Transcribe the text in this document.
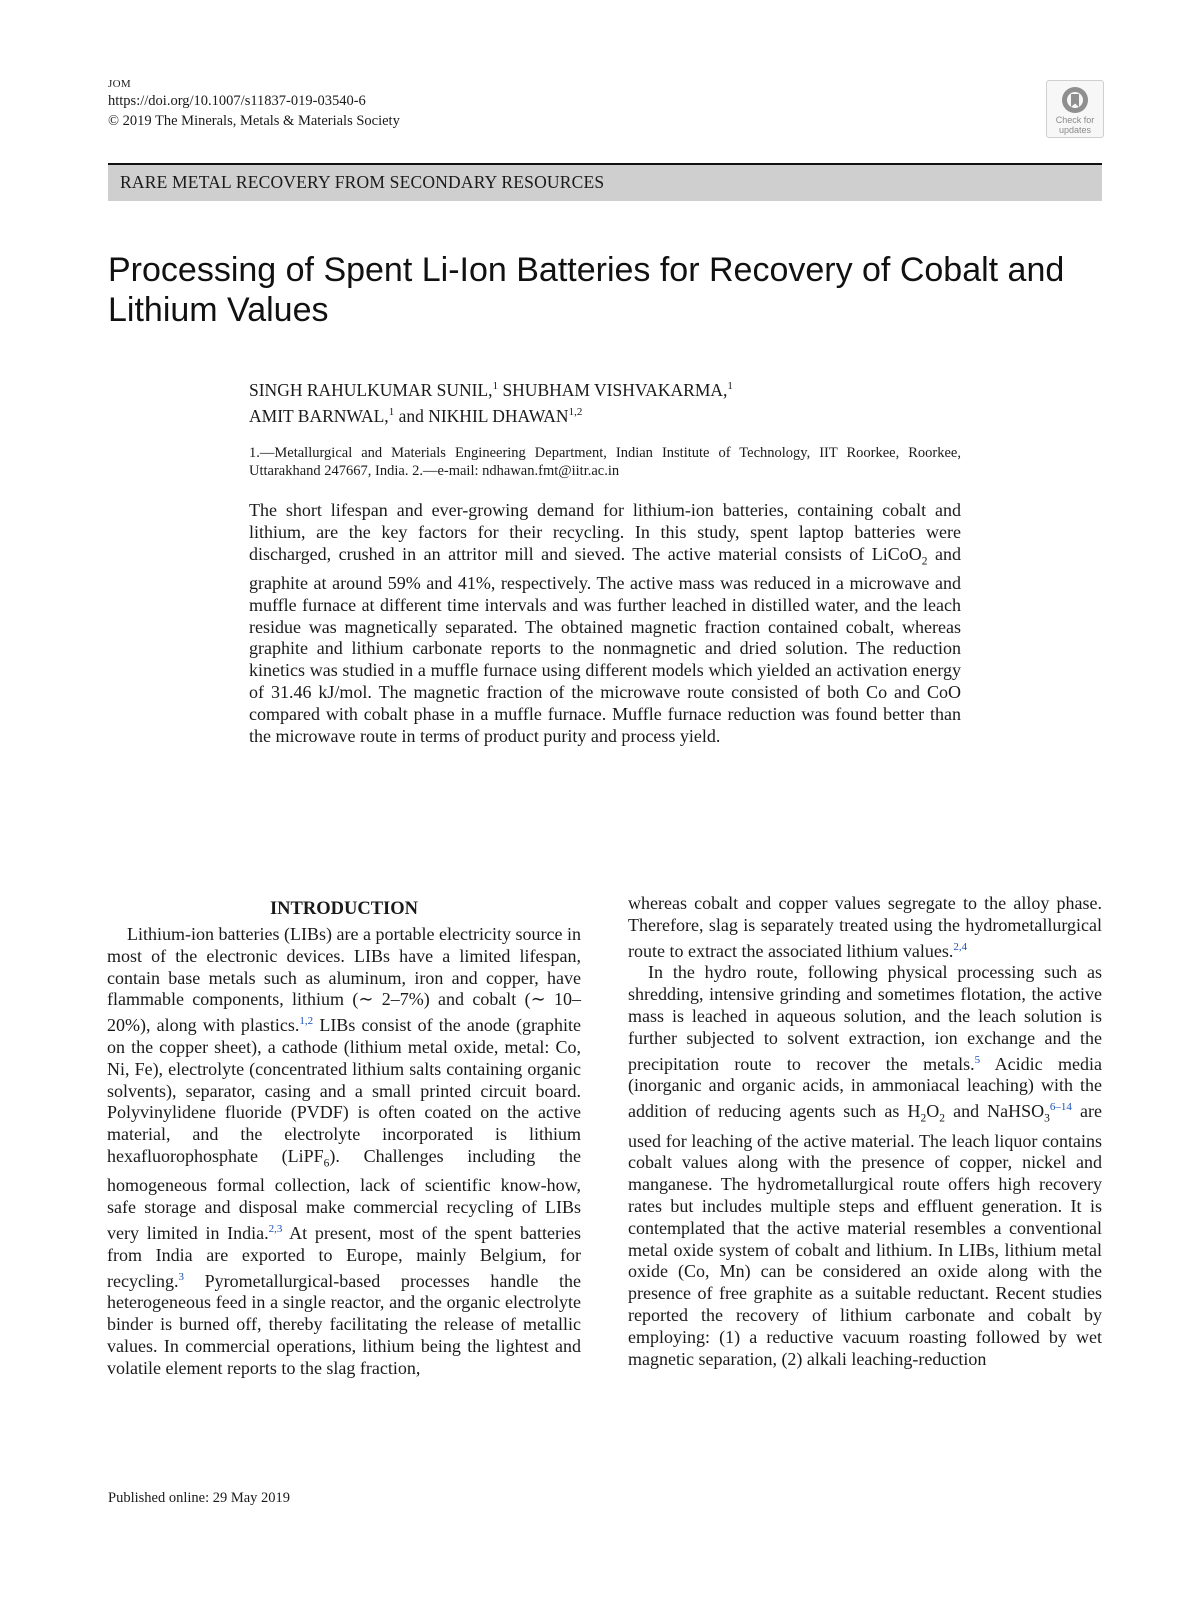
JOM
https://doi.org/10.1007/s11837-019-03540-6
© 2019 The Minerals, Metals & Materials Society	Check for
updates
RARE METAL RECOVERY FROM SECONDARY RESOURCES
Processing of Spent Li-Ion Batteries for Recovery of Cobalt and Lithium Values
SINGH RAHULKUMAR SUNIL,$^1$ SHUBHAM VISHVAKARMA,$^1$
AMIT BARNWAL,$^1$ and NIKHIL DHAWAN$^{1,2}$
1.—Metallurgical and Materials Engineering Department, Indian Institute of Technology, IIT Roorkee, Roorkee, Uttarakhand 247667, India. 2.—e-mail: ndhawan.fmt@iitr.ac.in
The short lifespan and ever-growing demand for lithium-ion batteries, containing cobalt and lithium, are the key factors for their recycling. In this study, spent laptop batteries were discharged, crushed in an attritor mill and sieved. The active material consists of LiCoO$_2$ and graphite at around 59% and 41%, respectively. The active mass was reduced in a microwave and muffle furnace at different time intervals and was further leached in distilled water, and the leach residue was magnetically separated. The obtained magnetic fraction contained cobalt, whereas graphite and lithium carbonate reports to the nonmagnetic and dried solution. The reduction kinetics was studied in a muffle furnace using different models which yielded an activation energy of 31.46 kJ/mol. The magnetic fraction of the microwave route consisted of both Co and CoO compared with cobalt phase in a muffle furnace. Muffle furnace reduction was found better than the microwave route in terms of product purity and process yield.
INTRODUCTION

Lithium-ion batteries (LIBs) are a portable electricity source in most of the electronic devices. LIBs have a limited lifespan, contain base metals such as aluminum, iron and copper, have flammable components, lithium (∼ 2–7%) and cobalt (∼ 10–20%), along with plastics.$^{1,2}$ LIBs consist of the anode (graphite on the copper sheet), a cathode (lithium metal oxide, metal: Co, Ni, Fe), electrolyte (concentrated lithium salts containing organic solvents), separator, casing and a small printed circuit board. Polyvinylidene fluoride (PVDF) is often coated on the active material, and the electrolyte incorporated is lithium hexafluorophosphate (LiPF$_6$). Challenges including the homogeneous formal collection, lack of scientific know-how, safe storage and disposal make commercial recycling of LIBs very limited in India.$^{2,3}$ At present, most of the spent batteries from India are exported to Europe, mainly Belgium, for recycling.$^3$ Pyrometallurgical-based processes handle the heterogeneous feed in a single reactor, and the organic electrolyte binder is burned off, thereby facilitating the release of metallic values. In commercial operations, lithium being the lightest and volatile element reports to the slag fraction,

whereas cobalt and copper values segregate to the alloy phase. Therefore, slag is separately treated using the hydrometallurgical route to extract the associated lithium values.$^{2,4}$

In the hydro route, following physical processing such as shredding, intensive grinding and sometimes flotation, the active mass is leached in aqueous solution, and the leach solution is further subjected to solvent extraction, ion exchange and the precipitation route to recover the metals.$^5$ Acidic media (inorganic and organic acids, in ammoniacal leaching) with the addition of reducing agents such as $H_2O_2$ and NaHSO$_3^{6-14}$ are used for leaching of the active material. The leach liquor contains cobalt values along with the presence of copper, nickel and manganese. The hydrometallurgical route offers high recovery rates but includes multiple steps and effluent generation. It is contemplated that the active material resembles a conventional metal oxide system of cobalt and lithium. In LIBs, lithium metal oxide (Co, Mn) can be considered an oxide along with the presence of free graphite as a suitable reductant. Recent studies reported the recovery of lithium carbonate and cobalt by employing: (1) a reductive vacuum roasting followed by wet magnetic separation, (2) alkali leaching-reduction

Published online: 29 May 2019
